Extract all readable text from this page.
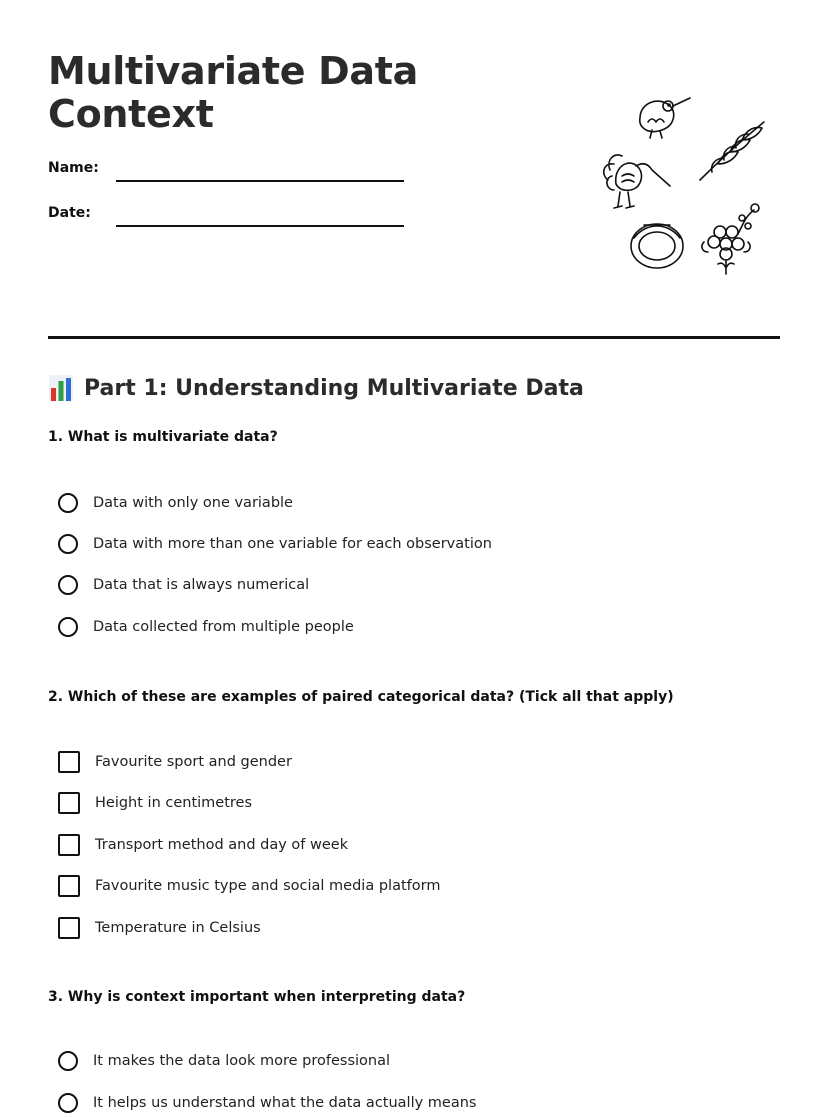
Multivariate Data Context
Name:
Date:
Part 1: Understanding Multivariate Data

1. What is multivariate data?

Data with only one variable
Data with more than one variable for each observation
Data that is always numerical
Data collected from multiple people

2. Which of these are examples of paired categorical data? (Tick all that apply)

Favourite sport and gender
Height in centimetres
Transport method and day of week
Favourite music type and social media platform
Temperature in Celsius

3. Why is context important when interpreting data?

It makes the data look more professional
It helps us understand what the data actually means
